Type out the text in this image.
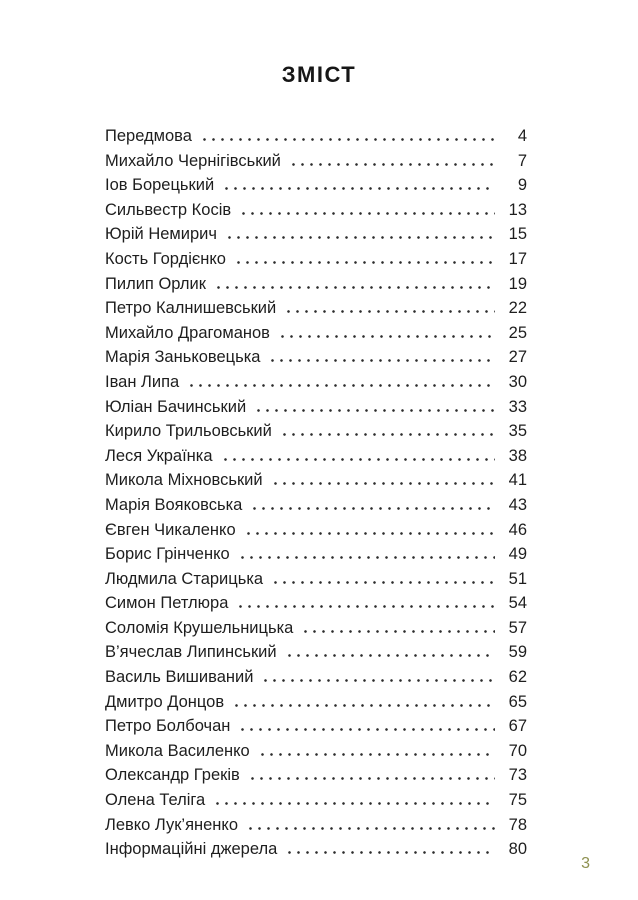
ЗМІСТ
Передмова	4
Михайло Чернігівський	7
Іов Борецький	9
Сильвестр Косів	13
Юрій Немирич	15
Кость Гордієнко	17
Пилип Орлик	19
Петро Калнишевський	22
Михайло Драгоманов	25
Марія Заньковецька	27
Іван Липа	30
Юліан Бачинський	33
Кирило Трильовський	35
Леся Українка	38
Микола Міхновський	41
Марія Вояковська	43
Євген Чикаленко	46
Борис Грінченко	49
Людмила Старицька	51
Симон Петлюра	54
Соломія Крушельницька	57
В’ячеслав Липинський	59
Василь Вишиваний	62
Дмитро Донцов	65
Петро Болбочан	67
Микола Василенко	70
Олександр Греків	73
Олена Теліга	75
Левко Лук’яненко	78
Інформаційні джерела	80
3
